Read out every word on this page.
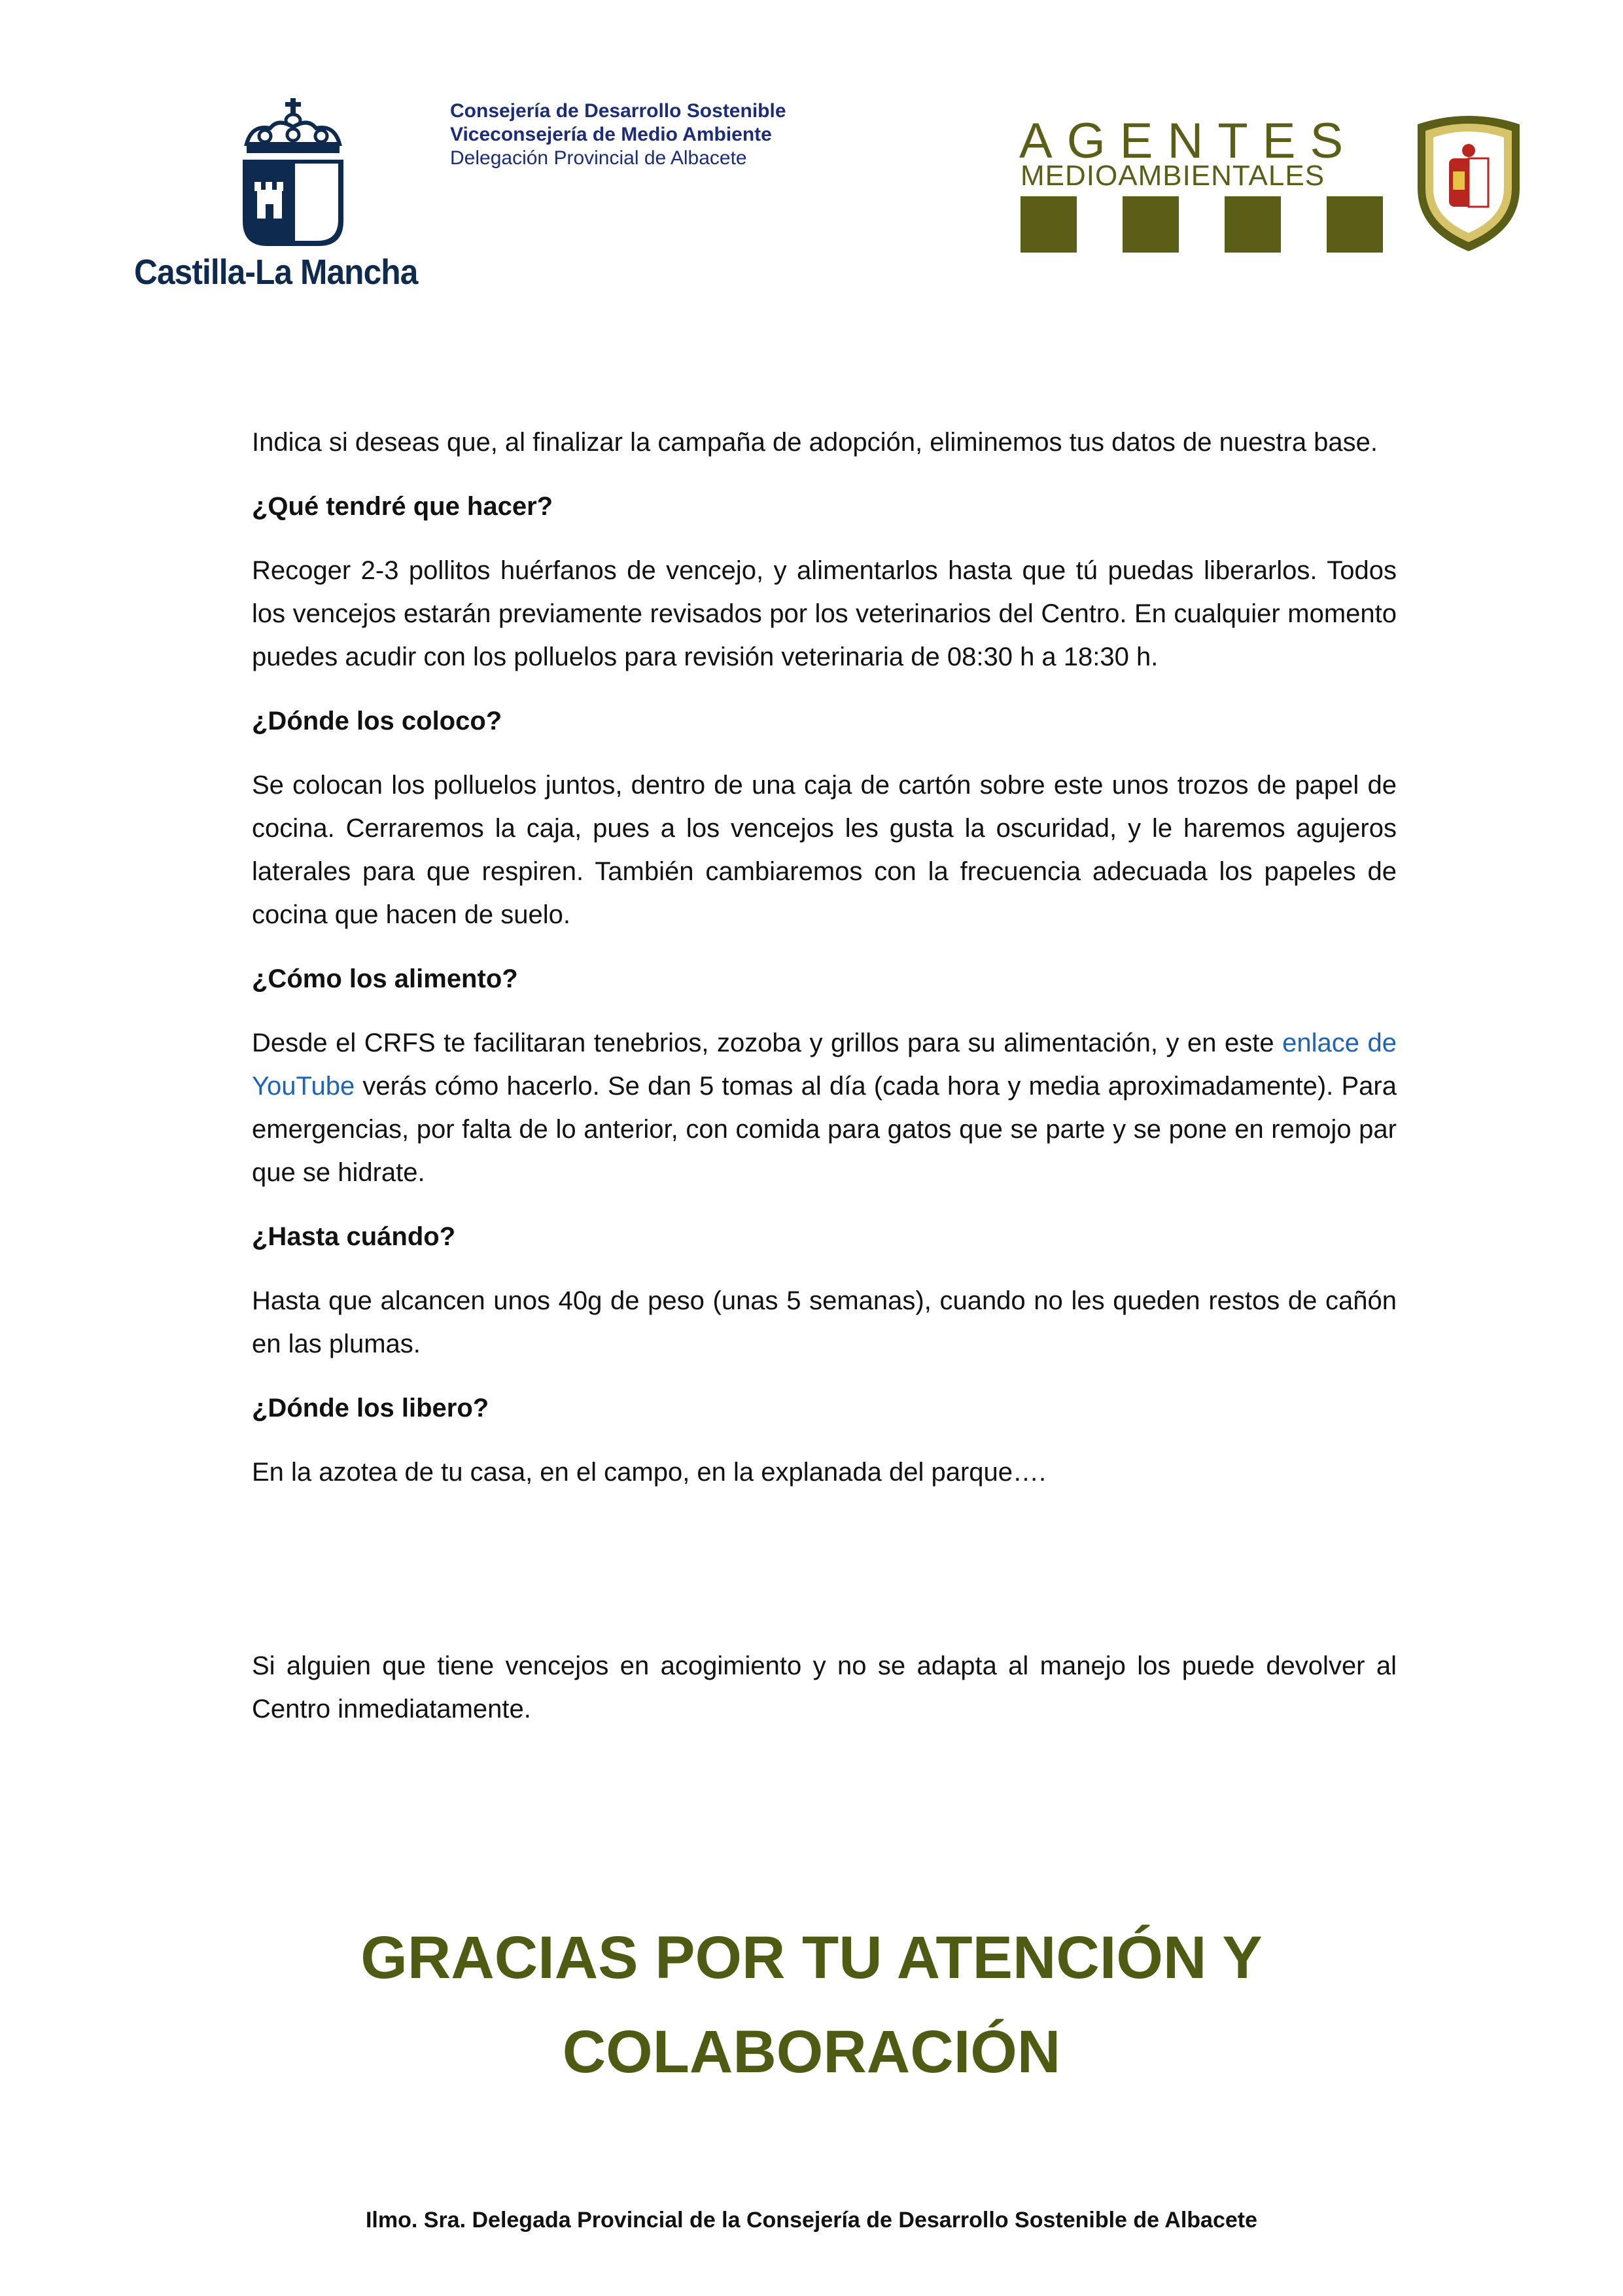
Castilla-La Mancha
Consejería de Desarrollo Sostenible
Viceconsejería de Medio Ambiente
Delegación Provincial de Albacete	AGENTES
MEDIOAMBIENTALES

Indica si deseas que, al finalizar la campaña de adopción, eliminemos tus datos de nuestra base.

¿Qué tendré que hacer?

Recoger 2-3 pollitos huérfanos de vencejo, y alimentarlos hasta que tú puedas liberarlos. Todos los vencejos estarán previamente revisados por los veterinarios del Centro. En cualquier momento puedes acudir con los polluelos para revisión veterinaria de 08:30 h a 18:30 h.

¿Dónde los coloco?

Se colocan los polluelos juntos, dentro de una caja de cartón sobre este unos trozos de papel de cocina. Cerraremos la caja, pues a los vencejos les gusta la oscuridad, y le haremos agujeros laterales para que respiren. También cambiaremos con la frecuencia adecuada los papeles de cocina que hacen de suelo.

¿Cómo los alimento?

Desde el CRFS te facilitaran tenebrios, zozoba y grillos para su alimentación, y en este enlace de YouTube verás cómo hacerlo. Se dan 5 tomas al día (cada hora y media aproximadamente). Para emergencias, por falta de lo anterior, con comida para gatos que se parte y se pone en remojo par que se hidrate.

¿Hasta cuándo?

Hasta que alcancen unos 40g de peso (unas 5 semanas), cuando no les queden restos de cañón en las plumas.

¿Dónde los libero?

En la azotea de tu casa, en el campo, en la explanada del parque….

Si alguien que tiene vencejos en acogimiento y no se adapta al manejo los puede devolver al Centro inmediatamente.

GRACIAS POR TU ATENCIÓN Y
COLABORACIÓN
Ilmo. Sra. Delegada Provincial de la Consejería de Desarrollo Sostenible de Albacete
